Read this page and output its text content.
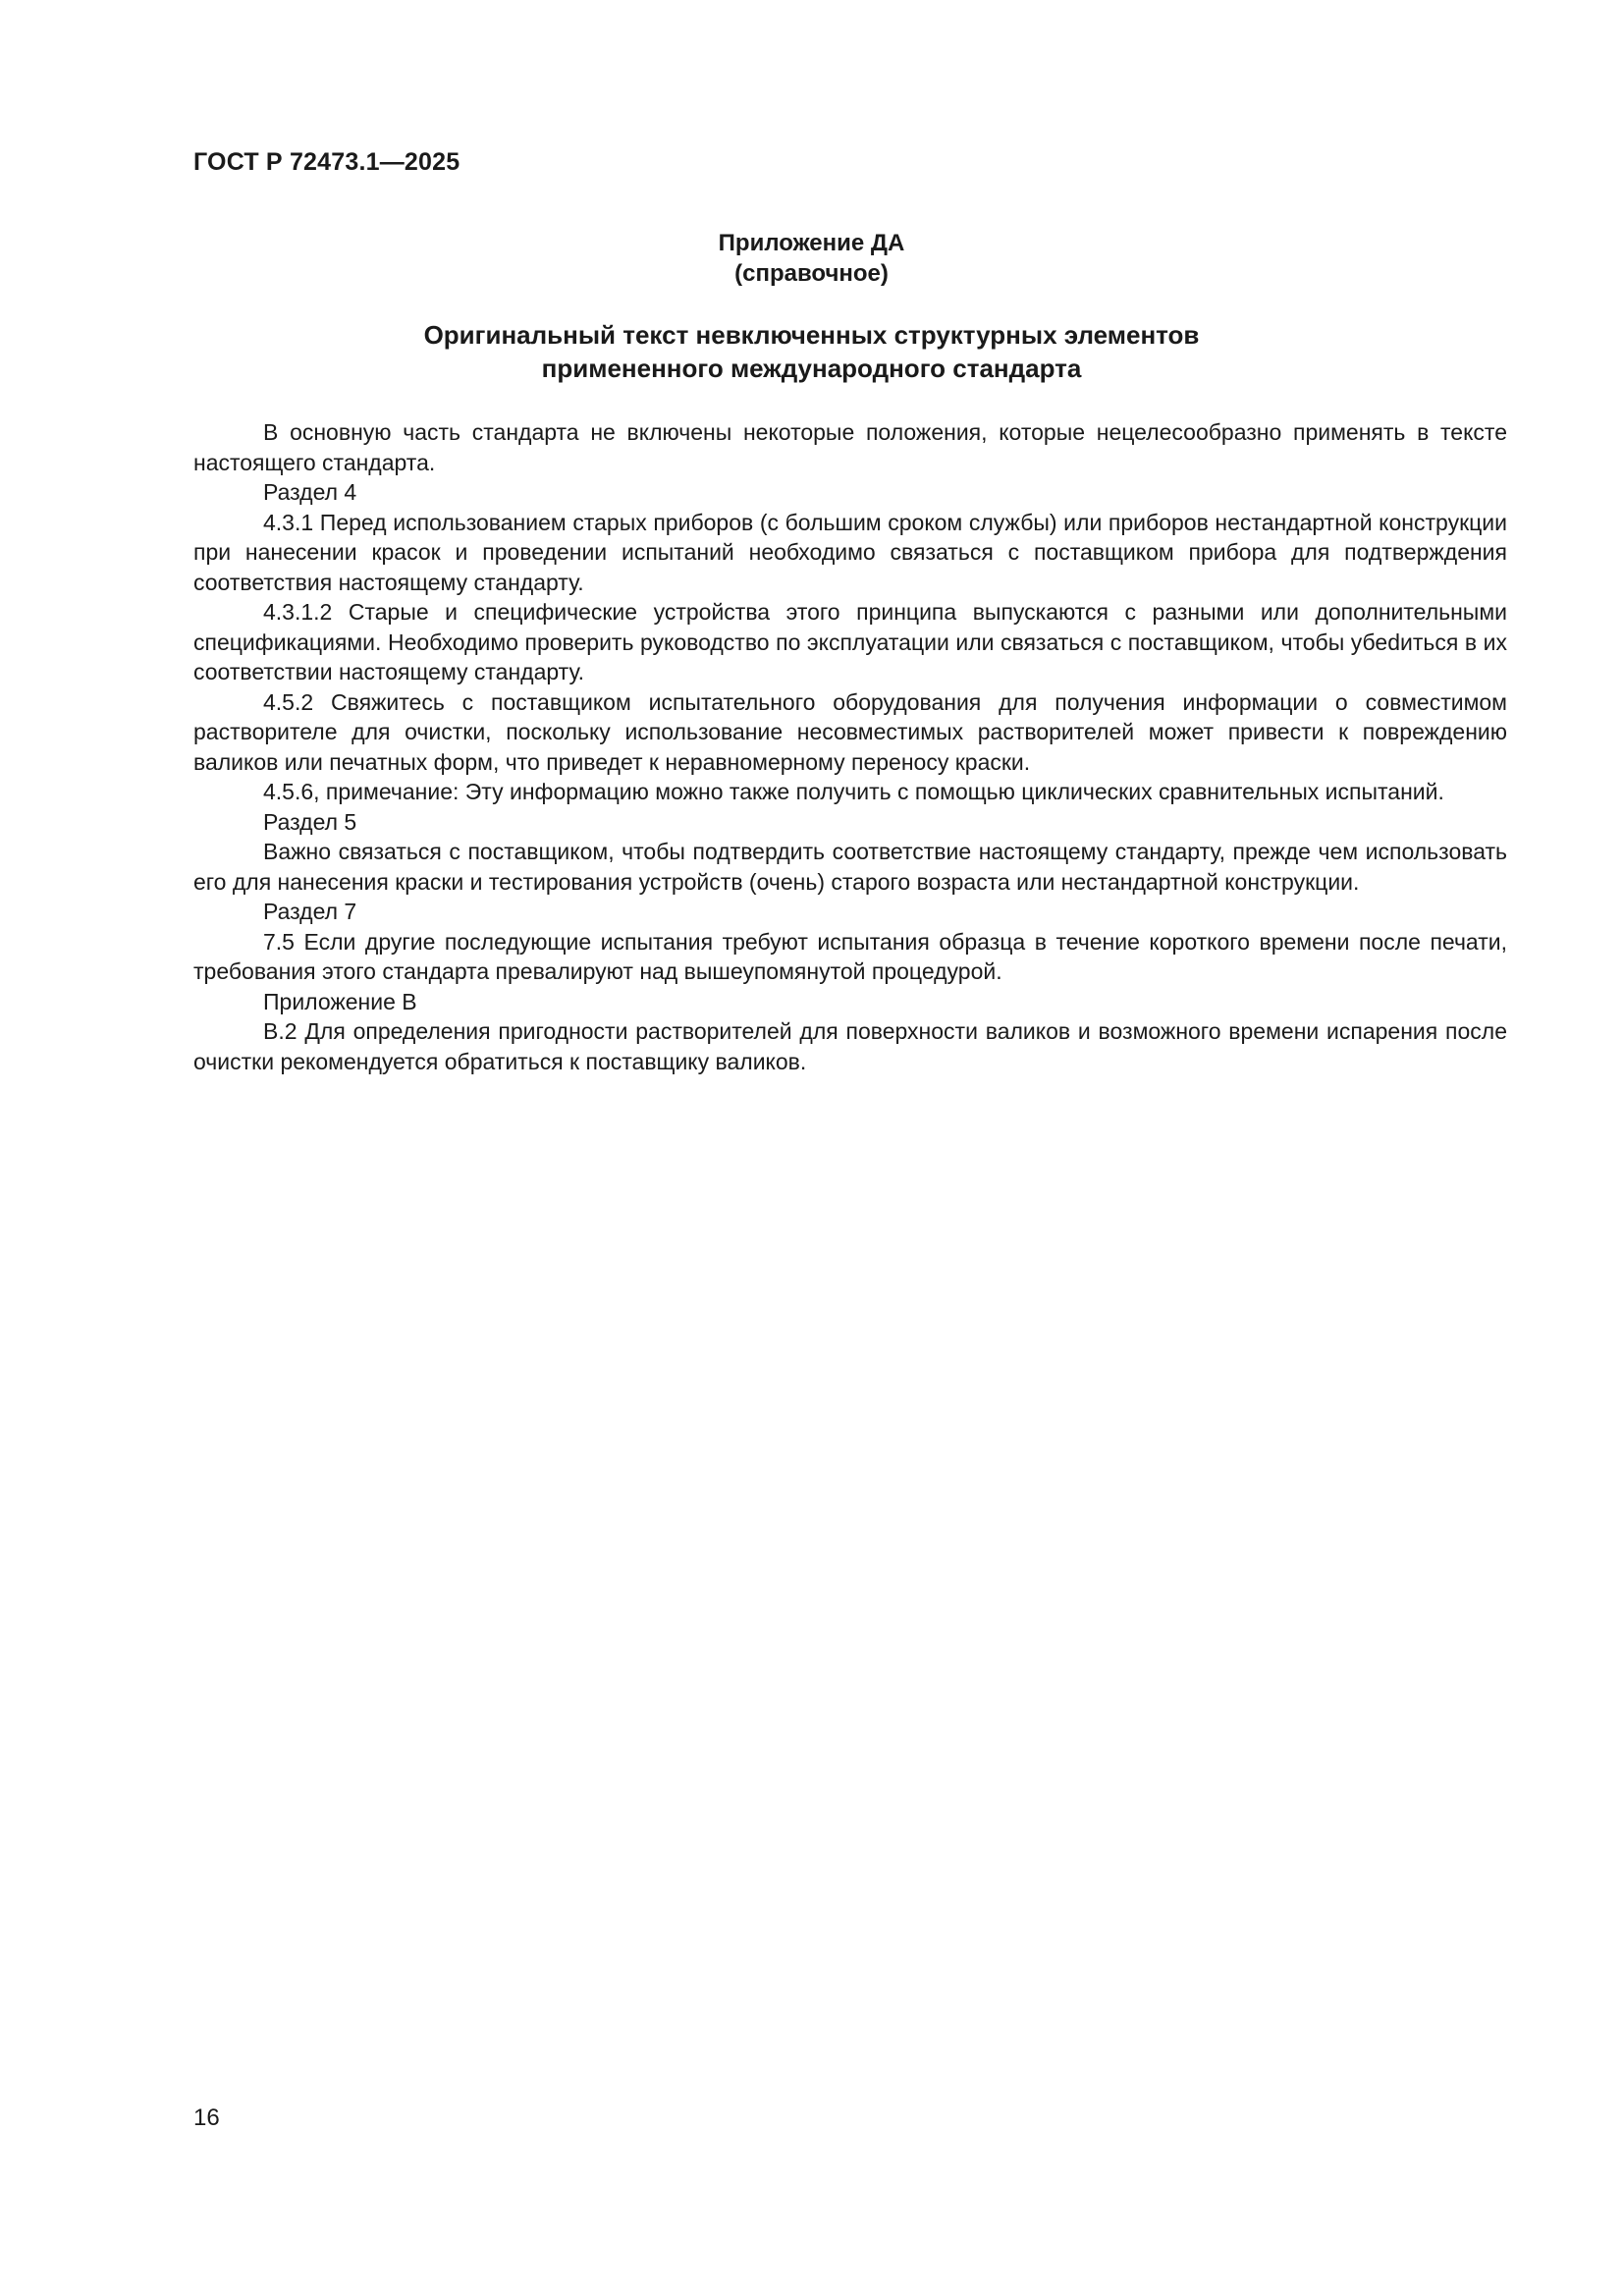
ГОСТ Р 72473.1—2025
Приложение ДА
(справочное)
Оригинальный текст невключенных структурных элементов
примененного международного стандарта

В основную часть стандарта не включены некоторые положения, которые нецелесообразно применять в тексте настоящего стандарта.

Раздел 4

4.3.1 Перед использованием старых приборов (с большим сроком службы) или приборов нестандартной конструкции при нанесении красок и проведении испытаний необходимо связаться с поставщиком прибора для подтверждения соответствия настоящему стандарту.

4.3.1.2 Старые и специфические устройства этого принципа выпускаются с разными или дополнительными спецификациями. Необходимо проверить руководство по эксплуатации или связаться с поставщиком, чтобы убеdиться в их соответствии настоящему стандарту.

4.5.2 Свяжитесь с поставщиком испытательного оборудования для получения информации о совместимом растворителе для очистки, поскольку использование несовместимых растворителей может привести к повреждению валиков или печатных форм, что приведет к неравномерному переносу краски.

4.5.6, примечание: Эту информацию можно также получить с помощью циклических сравнительных испытаний.

Раздел 5

Важно связаться с поставщиком, чтобы подтвердить соответствие настоящему стандарту, прежде чем использовать его для нанесения краски и тестирования устройств (очень) старого возраста или нестандартной конструкции.

Раздел 7

7.5 Если другие последующие испытания требуют испытания образца в течение короткого времени после печати, требования этого стандарта превалируют над вышеупомянутой процедурой.

Приложение В

В.2 Для определения пригодности растворителей для поверхности валиков и возможного времени испарения после очистки рекомендуется обратиться к поставщику валиков.

16
